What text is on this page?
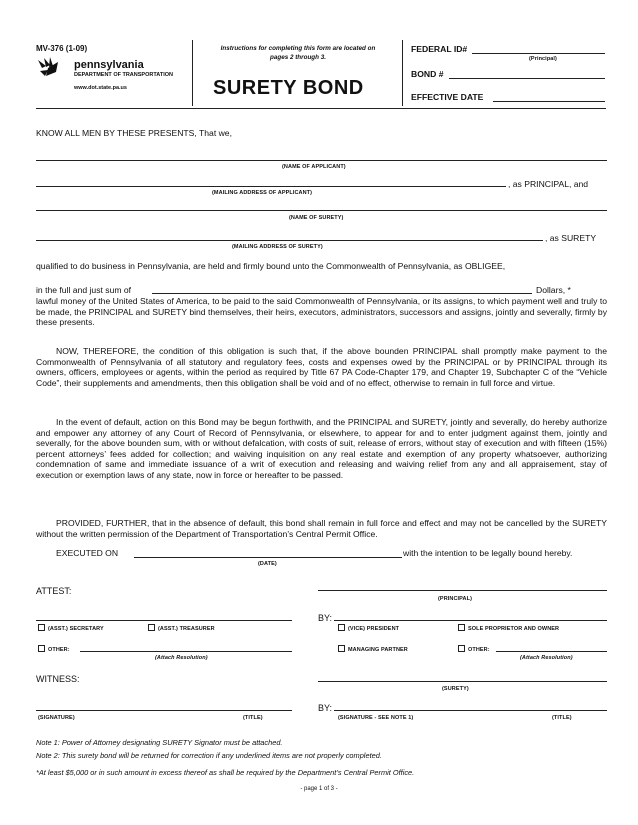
MV-376 (1-09)
pennsylvania
DEPARTMENT OF TRANSPORTATION
www.dot.state.pa.us
Instructions for completing this form are located on pages 2 through 3.
SURETY BOND
FEDERAL ID#
(Principal)
BOND #
EFFECTIVE DATE
KNOW ALL MEN BY THESE PRESENTS, That we,
(NAME OF APPLICANT)
, as PRINCIPAL, and
(MAILING ADDRESS OF APPLICANT)
(NAME OF SURETY)
, as SURETY
(MAILING ADDRESS OF SURETY)
qualified to do business in Pennsylvania, are held and firmly bound unto the Commonwealth of Pennsylvania, as OBLIGEE,
in the full and just sum of	Dollars, *
lawful money of the United States of America, to be paid to the said Commonwealth of Pennsylvania, or its assigns, to which payment well and truly to be made, the PRINCIPAL and SURETY bind themselves, their heirs, executors, administrators, successors and assigns, jointly and severally, firmly by these presents.
NOW, THEREFORE, the condition of this obligation is such that, if the above bounden PRINCIPAL shall promptly make payment to the Commonwealth of Pennsylvania of all statutory and regulatory fees, costs and expenses owed by the PRINCIPAL or by PRINCIPAL through its owners, officers, employees or agents, within the period as required by Title 67 PA Code-Chapter 179, and Chapter 19, Subchapter C of the “Vehicle Code”, their supplements and amendments, then this obligation shall be void and of no effect, otherwise to remain in full force and virtue.
In the event of default, action on this Bond may be begun forthwith, and the PRINCIPAL and SURETY, jointly and severally, do hereby authorize and empower any attorney of any Court of Record of Pennsylvania, or elsewhere, to appear for and to enter judgment against them, jointly and severally, for the above bounden sum, with or without defalcation, with costs of suit, release of errors, without stay of execution and with fifteen (15%) percent attorneys’ fees added for collection; and waiving inquisition on any real estate and exemption of any property whatsoever, authorizing condemnation of same and immediate issuance of a writ of execution and releasing and waiving relief from any and all appraisement, stay of execution or exemption laws of any state, now in force or hereafter to be passed.
PROVIDED, FURTHER, that in the absence of default, this bond shall remain in full force and effect and may not be cancelled by the SURETY without the written permission of the Department of Transportation’s Central Permit Office.
EXECUTED ON	with the intention to be legally bound hereby.
(DATE)
ATTEST:
(PRINCIPAL)
BY:
(ASST.) SECRETARY	(ASST.) TREASURER	(VICE) PRESIDENT	SOLE PROPRIETOR AND OWNER
OTHER:
(Attach Resolution)
MANAGING PARTNER	OTHER:
(Attach Resolution)
WITNESS:
(SURETY)
BY:
(SIGNATURE)	(TITLE)	(SIGNATURE - SEE NOTE 1)	(TITLE)
Note 1: Power of Attorney designating SURETY Signator must be attached.
Note 2: This surety bond will be returned for correction if any underlined items are not properly completed.
*At least $5,000 or in such amount in excess thereof as shall be required by the Department’s Central Permit Office.
- page 1 of 3 -
